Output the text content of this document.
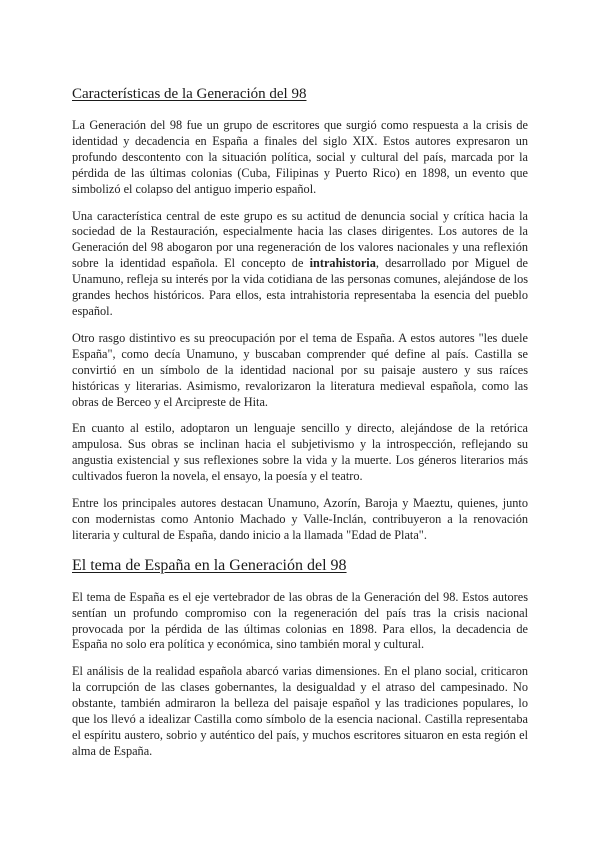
Características de la Generación del 98

La Generación del 98 fue un grupo de escritores que surgió como respuesta a la crisis de identidad y decadencia en España a finales del siglo XIX. Estos autores expresaron un profundo descontento con la situación política, social y cultural del país, marcada por la pérdida de las últimas colonias (Cuba, Filipinas y Puerto Rico) en 1898, un evento que simbolizó el colapso del antiguo imperio español.

Una característica central de este grupo es su actitud de denuncia social y crítica hacia la sociedad de la Restauración, especialmente hacia las clases dirigentes. Los autores de la Generación del 98 abogaron por una regeneración de los valores nacionales y una reflexión sobre la identidad española. El concepto de intrahistoria, desarrollado por Miguel de Unamuno, refleja su interés por la vida cotidiana de las personas comunes, alejándose de los grandes hechos históricos. Para ellos, esta intrahistoria representaba la esencia del pueblo español.

Otro rasgo distintivo es su preocupación por el tema de España. A estos autores "les duele España", como decía Unamuno, y buscaban comprender qué define al país. Castilla se convirtió en un símbolo de la identidad nacional por su paisaje austero y sus raíces históricas y literarias. Asimismo, revalorizaron la literatura medieval española, como las obras de Berceo y el Arcipreste de Hita.

En cuanto al estilo, adoptaron un lenguaje sencillo y directo, alejándose de la retórica ampulosa. Sus obras se inclinan hacia el subjetivismo y la introspección, reflejando su angustia existencial y sus reflexiones sobre la vida y la muerte. Los géneros literarios más cultivados fueron la novela, el ensayo, la poesía y el teatro.

Entre los principales autores destacan Unamuno, Azorín, Baroja y Maeztu, quienes, junto con modernistas como Antonio Machado y Valle-Inclán, contribuyeron a la renovación literaria y cultural de España, dando inicio a la llamada "Edad de Plata".

El tema de España en la Generación del 98

El tema de España es el eje vertebrador de las obras de la Generación del 98. Estos autores sentían un profundo compromiso con la regeneración del país tras la crisis nacional provocada por la pérdida de las últimas colonias en 1898. Para ellos, la decadencia de España no solo era política y económica, sino también moral y cultural.

El análisis de la realidad española abarcó varias dimensiones. En el plano social, criticaron la corrupción de las clases gobernantes, la desigualdad y el atraso del campesinado. No obstante, también admiraron la belleza del paisaje español y las tradiciones populares, lo que los llevó a idealizar Castilla como símbolo de la esencia nacional. Castilla representaba el espíritu austero, sobrio y auténtico del país, y muchos escritores situaron en esta región el alma de España.
